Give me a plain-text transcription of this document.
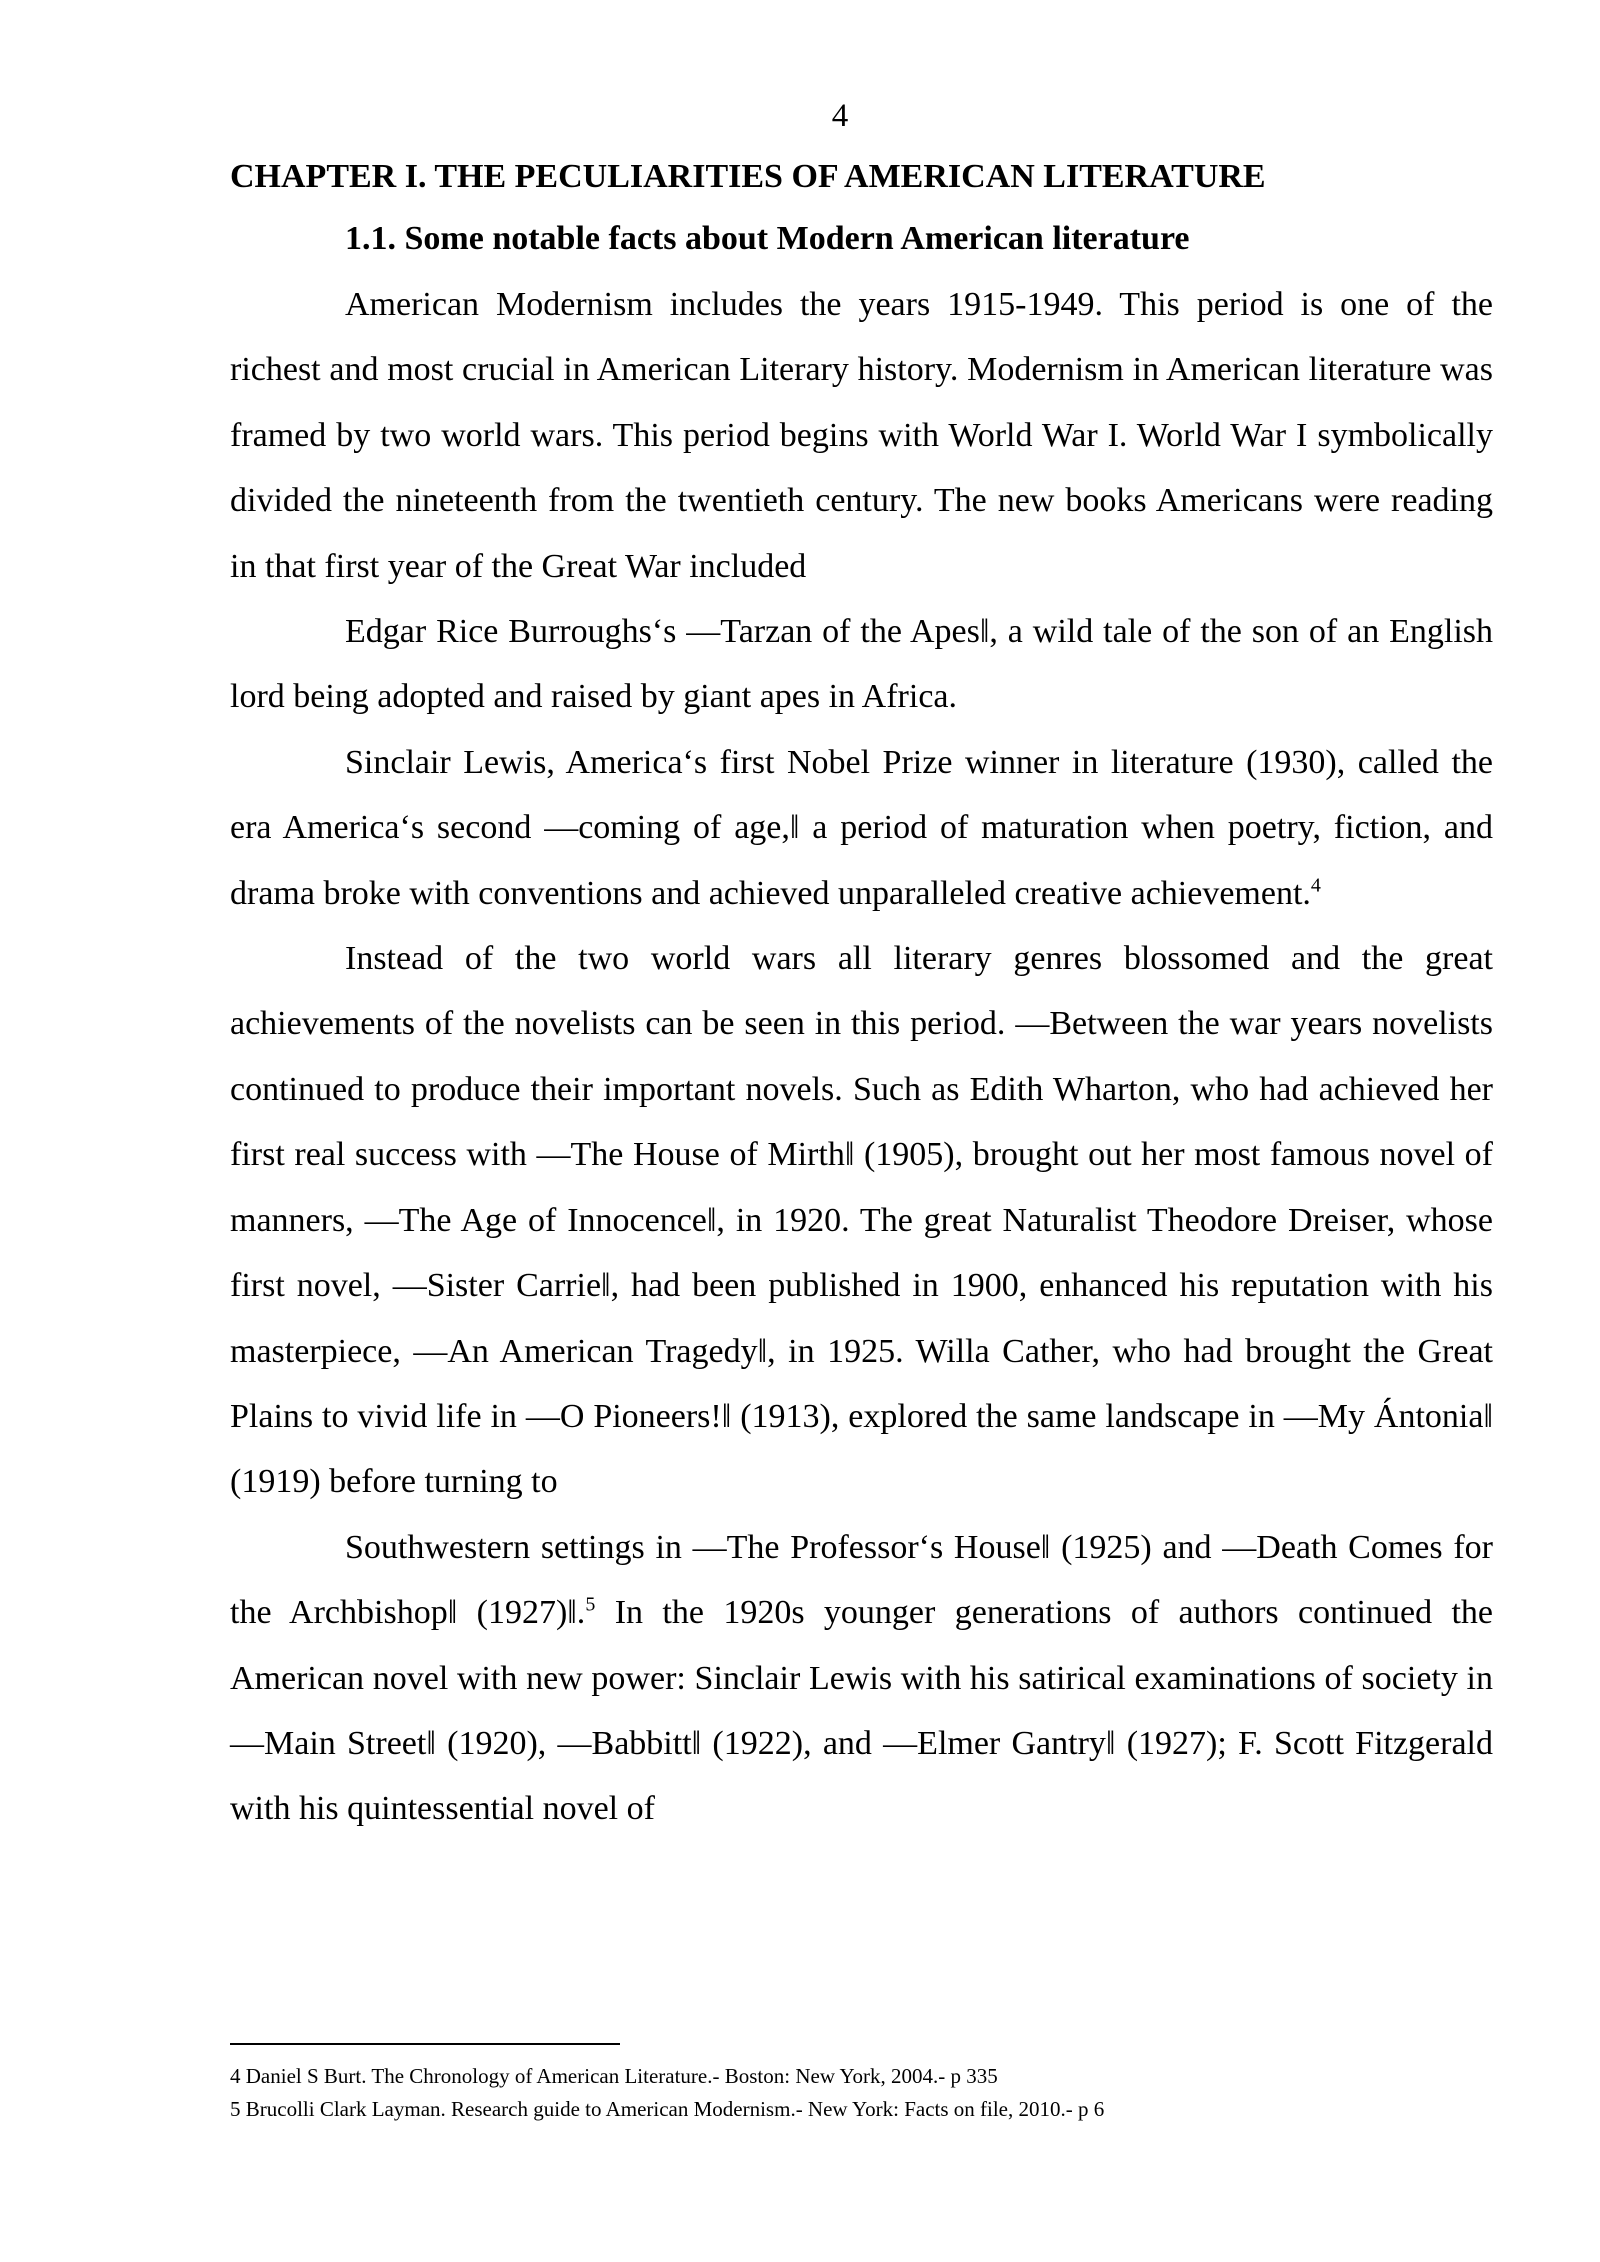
4
CHAPTER I. THE PECULIARITIES OF AMERICAN LITERATURE
1.1. Some notable facts about Modern American literature

American Modernism includes the years 1915-1949. This period is one of the richest and most crucial in American Literary history. Modernism in American literature was framed by two world wars. This period begins with World War I. World War I symbolically divided the nineteenth from the twentieth century. The new books Americans were reading in that first year of the Great War included

Edgar Rice Burroughs‘s ―Tarzan of the Apes‖, a wild tale of the son of an English lord being adopted and raised by giant apes in Africa.

Sinclair Lewis, America‘s first Nobel Prize winner in literature (1930), called the era America‘s second ―coming of age,‖ a period of maturation when poetry, fiction, and drama broke with conventions and achieved unparalleled creative achievement.$^4$

Instead of the two world wars all literary genres blossomed and the great achievements of the novelists can be seen in this period. ―Between the war years novelists continued to produce their important novels. Such as Edith Wharton, who had achieved her first real success with ―The House of Mirth‖ (1905), brought out her most famous novel of manners, ―The Age of Innocence‖, in 1920. The great Naturalist Theodore Dreiser, whose first novel, ―Sister Carrie‖, had been published in 1900, enhanced his reputation with his masterpiece, ―An American Tragedy‖, in 1925. Willa Cather, who had brought the Great Plains to vivid life in ―O Pioneers!‖ (1913), explored the same landscape in ―My Ántonia‖ (1919) before turning to

Southwestern settings in ―The Professor‘s House‖ (1925) and ―Death Comes for the Archbishop‖ (1927)‖.$^5$ In the 1920s younger generations of authors continued the American novel with new power: Sinclair Lewis with his satirical examinations of society in ―Main Street‖ (1920), ―Babbitt‖ (1922), and ―Elmer Gantry‖ (1927); F. Scott Fitzgerald with his quintessential novel of

4 Daniel S Burt. The Chronology of American Literature.- Boston: New York, 2004.- p 335

5 Brucolli Clark Layman. Research guide to American Modernism.- New York: Facts on file, 2010.- p 6
